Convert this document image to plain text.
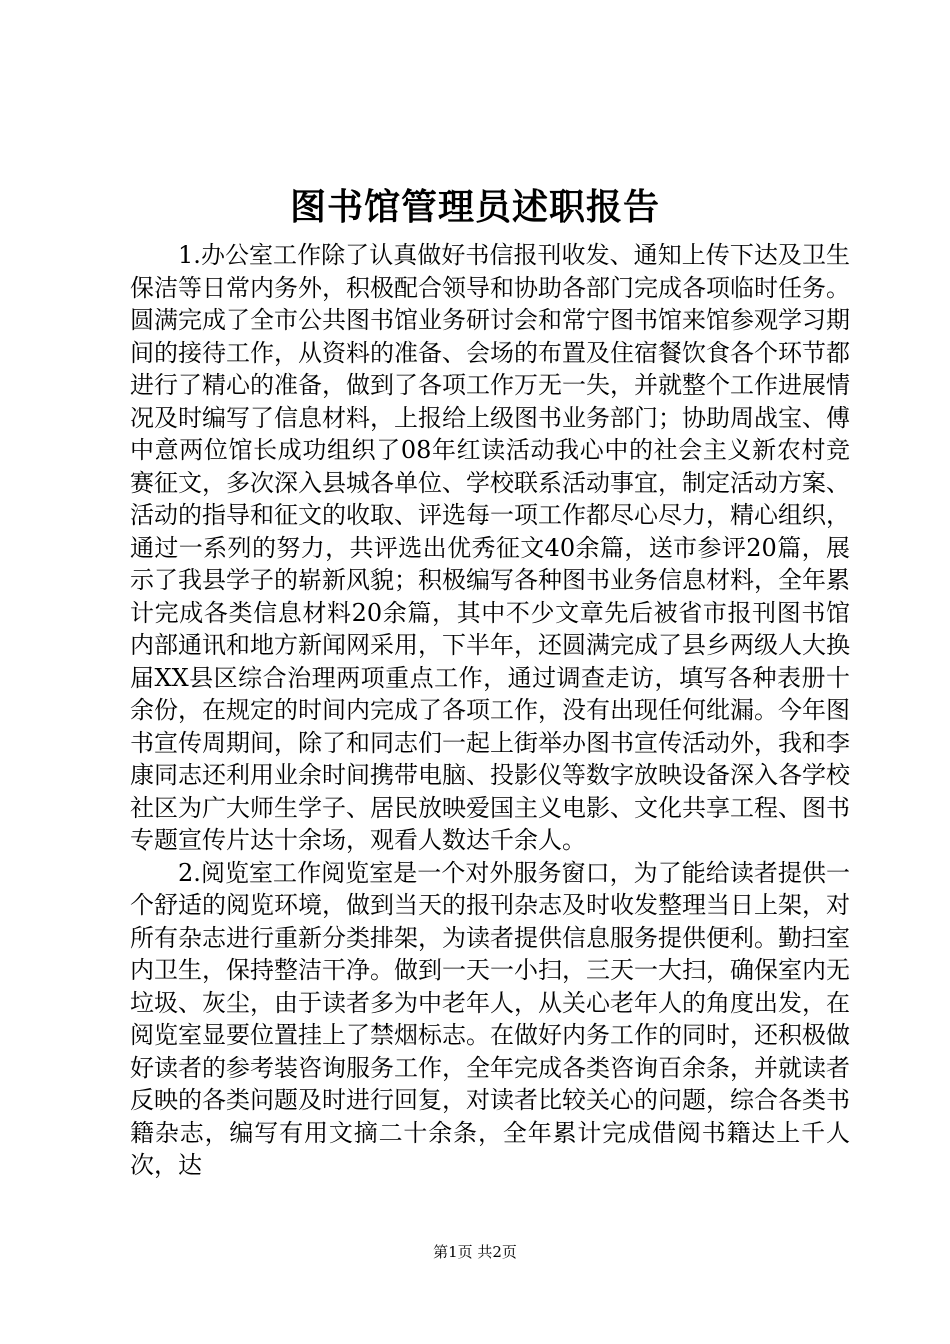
图书馆管理员述职报告

1.办公室工作除了认真做好书信报刊收发、通知上传下达及卫生保洁等日常内务外，积极配合领导和协助各部门完成各项临时任务。圆满完成了全市公共图书馆业务研讨会和常宁图书馆来馆参观学习期间的接待工作，从资料的准备、会场的布置及住宿餐饮食各个环节都进行了精心的准备，做到了各项工作万无一失，并就整个工作进展情况及时编写了信息材料，上报给上级图书业务部门；协助周战宝、傅中意两位馆长成功组织了08年红读活动我心中的社会主义新农村竞赛征文，多次深入县城各单位、学校联系活动事宜，制定活动方案、活动的指导和征文的收取、评选每一项工作都尽心尽力，精心组织，通过一系列的努力，共评选出优秀征文40余篇，送市参评20篇，展示了我县学子的崭新风貌；积极编写各种图书业务信息材料，全年累计完成各类信息材料20余篇，其中不少文章先后被省市报刊图书馆内部通讯和地方新闻网采用，下半年，还圆满完成了县乡两级人大换届XX县区综合治理两项重点工作，通过调查走访，填写各种表册十余份，在规定的时间内完成了各项工作，没有出现任何纰漏。今年图书宣传周期间，除了和同志们一起上街举办图书宣传活动外，我和李康同志还利用业余时间携带电脑、投影仪等数字放映设备深入各学校社区为广大师生学子、居民放映爱国主义电影、文化共享工程、图书专题宣传片达十余场，观看人数达千余人。

2.阅览室工作阅览室是一个对外服务窗口，为了能给读者提供一个舒适的阅览环境，做到当天的报刊杂志及时收发整理当日上架，对所有杂志进行重新分类排架，为读者提供信息服务提供便利。勤扫室内卫生，保持整洁干净。做到一天一小扫，三天一大扫，确保室内无垃圾、灰尘，由于读者多为中老年人，从关心老年人的角度出发，在阅览室显要位置挂上了禁烟标志。在做好内务工作的同时，还积极做好读者的参考装咨询服务工作，全年完成各类咨询百余条，并就读者反映的各类问题及时进行回复，对读者比较关心的问题，综合各类书籍杂志，编写有用文摘二十余条，全年累计完成借阅书籍达上千人次，达

第1页 共2页
